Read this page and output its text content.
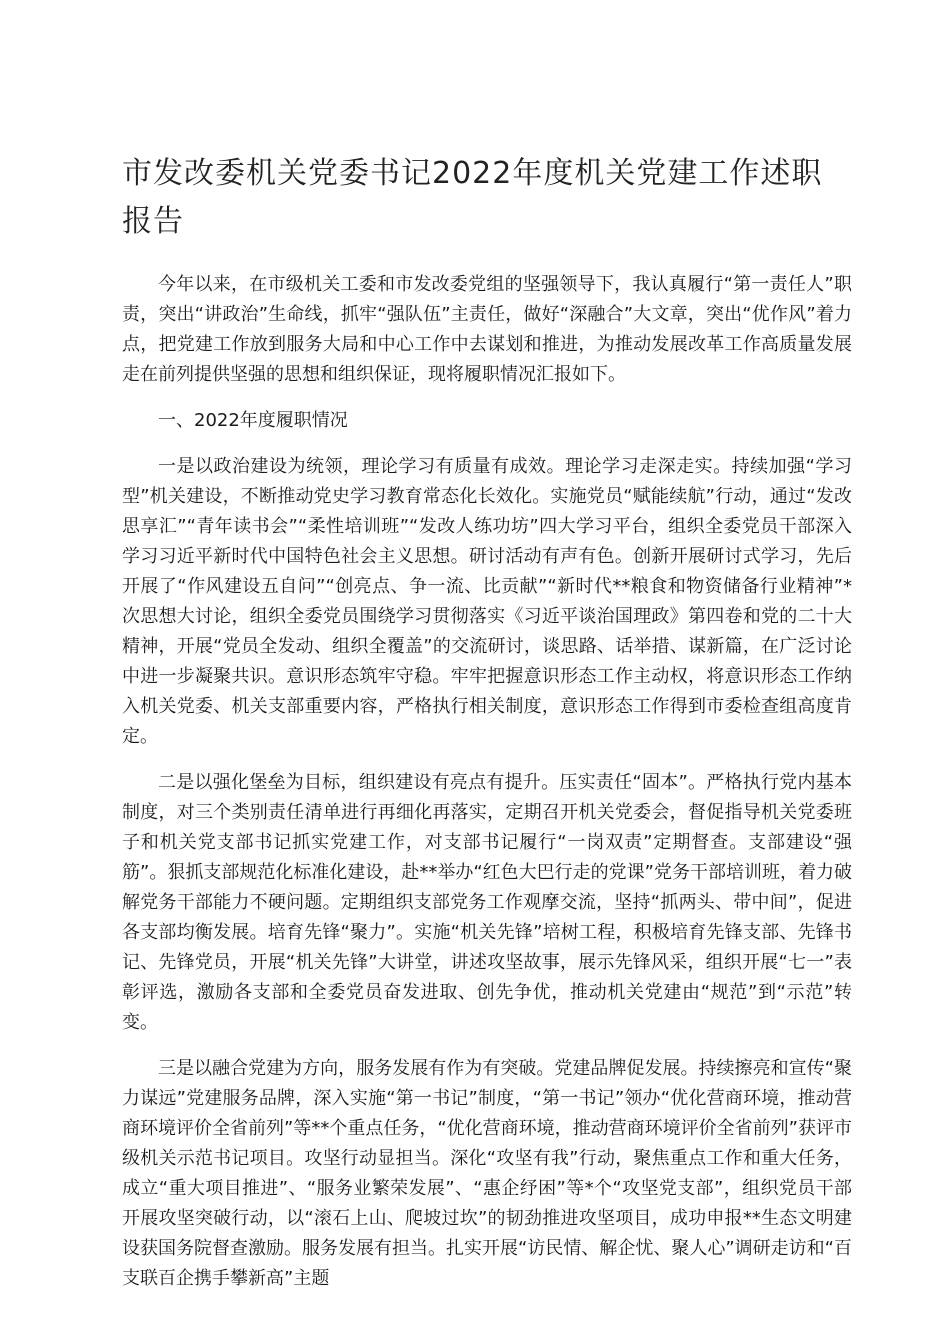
市发改委机关党委书记2022年度机关党建工作述职报告

今年以来，在市级机关工委和市发改委党组的坚强领导下，我认真履行“第一责任人”职责，突出“讲政治”生命线，抓牢“强队伍”主责任，做好“深融合”大文章，突出“优作风”着力点，把党建工作放到服务大局和中心工作中去谋划和推进，为推动发展改革工作高质量发展走在前列提供坚强的思想和组织保证，现将履职情况汇报如下。

一、2022年度履职情况

一是以政治建设为统领，理论学习有质量有成效。理论学习走深走实。持续加强“学习型”机关建设，不断推动党史学习教育常态化长效化。实施党员“赋能续航”行动，通过“发改思享汇”“青年读书会”“柔性培训班”“发改人练功坊”四大学习平台，组织全委党员干部深入学习习近平新时代中国特色社会主义思想。研讨活动有声有色。创新开展研讨式学习，先后开展了“作风建设五自问”“创亮点、争一流、比贡献”“新时代**粮食和物资储备行业精神”*次思想大讨论，组织全委党员围绕学习贯彻落实《习近平谈治国理政》第四卷和党的二十大精神，开展“党员全发动、组织全覆盖”的交流研讨，谈思路、话举措、谋新篇，在广泛讨论中进一步凝聚共识。意识形态筑牢守稳。牢牢把握意识形态工作主动权，将意识形态工作纳入机关党委、机关支部重要内容，严格执行相关制度，意识形态工作得到市委检查组高度肯定。

二是以强化堡垒为目标，组织建设有亮点有提升。压实责任“固本”。严格执行党内基本制度，对三个类别责任清单进行再细化再落实，定期召开机关党委会，督促指导机关党委班子和机关党支部书记抓实党建工作，对支部书记履行“一岗双责”定期督查。支部建设“强筋”。狠抓支部规范化标准化建设，赴**举办“红色大巴行走的党课”党务干部培训班，着力破解党务干部能力不硬问题。定期组织支部党务工作观摩交流，坚持“抓两头、带中间”，促进各支部均衡发展。培育先锋“聚力”。实施“机关先锋”培树工程，积极培育先锋支部、先锋书记、先锋党员，开展“机关先锋”大讲堂，讲述攻坚故事，展示先锋风采，组织开展“七一”表彰评选，激励各支部和全委党员奋发进取、创先争优，推动机关党建由“规范”到“示范”转变。

三是以融合党建为方向，服务发展有作为有突破。党建品牌促发展。持续擦亮和宣传“聚力谋远”党建服务品牌，深入实施“第一书记”制度，“第一书记”领办“优化营商环境，推动营商环境评价全省前列”等**个重点任务，“优化营商环境，推动营商环境评价全省前列”获评市级机关示范书记项目。攻坚行动显担当。深化“攻坚有我”行动，聚焦重点工作和重大任务，成立“重大项目推进”、“服务业繁荣发展”、“惠企纾困”等*个“攻坚党支部”，组织党员干部开展攻坚突破行动，以“滚石上山、爬坡过坎”的韧劲推进攻坚项目，成功申报**生态文明建设获国务院督查激励。服务发展有担当。扎实开展“访民情、解企忧、聚人心”调研走访和“百支联百企携手攀新高”主题
